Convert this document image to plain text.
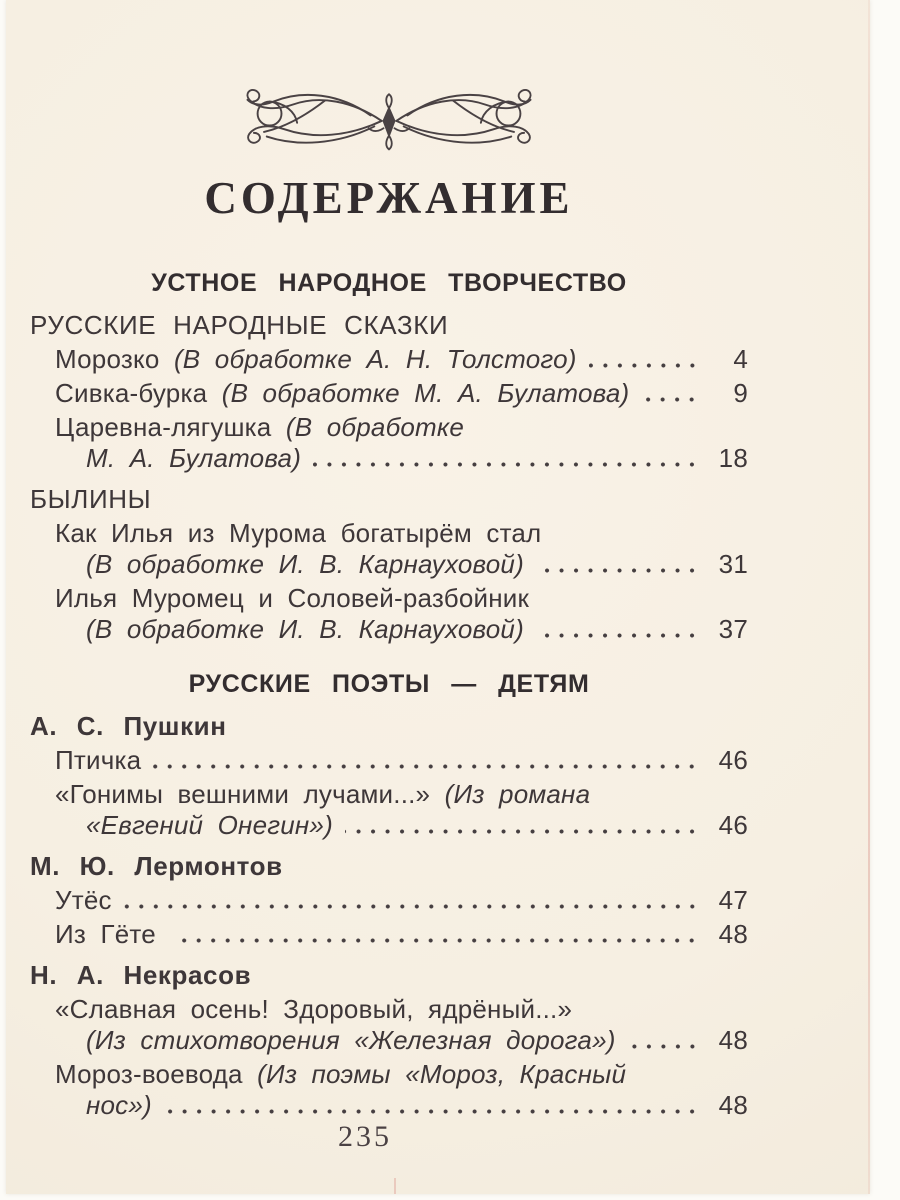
СОДЕРЖАНИЕ
УСТНОЕ НАРОДНОЕ ТВОРЧЕСТВО
РУССКИЕ НАРОДНЫЕ СКАЗКИ
Морозко (В обработке А. Н. Толстого)	4
Сивка-бурка (В обработке М. А. Булатова)	9
Царевна-лягушка (В обработке
М. А. Булатова)	18
БЫЛИНЫ
Как Илья из Мурома богатырём стал
(В обработке И. В. Карнауховой)	31
Илья Муромец и Соловей-разбойник
(В обработке И. В. Карнауховой)	37
РУССКИЕ ПОЭТЫ — ДЕТЯМ
А. С. Пушкин
Птичка	46
«Гонимы вешними лучами...» (Из романа
«Евгений Онегин»)	46
М. Ю. Лермонтов
Утёс	47
Из Гёте	48
Н. А. Некрасов
«Славная осень! Здоровый, ядрёный...»
(Из стихотворения «Железная дорога»)	48
Мороз-воевода (Из поэмы «Мороз, Красный
нос»)	48
235
